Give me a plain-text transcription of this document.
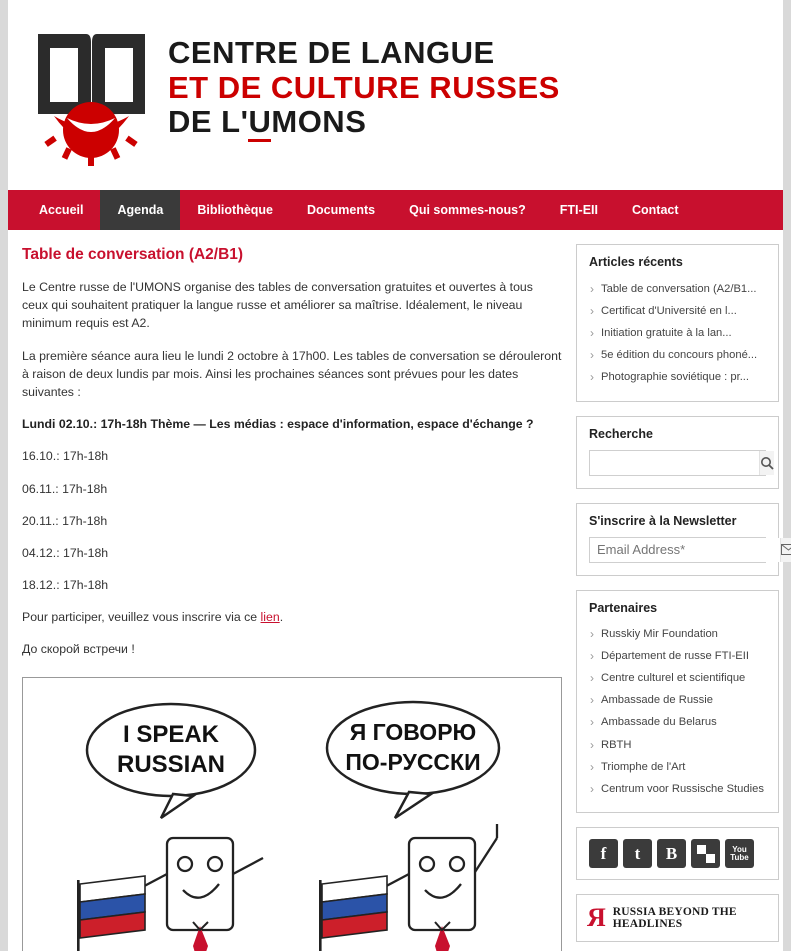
CENTRE DE LANGUE
ET DE CULTURE RUSSES
DE L'UMONS
Accueil	Agenda	Bibliothèque	Documents	Qui sommes-nous?	FTI-EII	Contact
Table de conversation (A2/B1)

Le Centre russe de l'UMONS organise des tables de conversation gratuites et ouvertes à tous ceux qui souhaitent pratiquer la langue russe et améliorer sa maîtrise. Idéalement, le niveau minimum requis est A2.

La première séance aura lieu le lundi 2 octobre à 17h00. Les tables de conversation se dérouleront à raison de deux lundis par mois. Ainsi les prochaines séances sont prévues pour les dates suivantes :

Lundi 02.10.: 17h-18h Thème — Les médias : espace d'information, espace d'échange ?

16.10.: 17h-18h

06.11.: 17h-18h

20.11.: 17h-18h

04.12.: 17h-18h

18.12.: 17h-18h

Pour participer, veuillez vous inscrire via ce lien.

До скорой встречи !

I SPEAK
RUSSIAN
Я ГОВОРЮ
ПО-РУССКИ
Articles récents
› Table de conversation (A2/B1...
› Certificat d'Université en l...
› Initiation gratuite à la lan...
› 5e édition du concours phoné...
› Photographie soviétique : pr...
Recherche
S'inscrire à la Newsletter
Email Address*
Partenaires
› Russkiy Mir Foundation
› Département de russe FTI-EII
› Centre culturel et scientifique
› Ambassade de Russie
› Ambassade du Belarus
› RBTH
› Triomphe de l'Art
› Centrum voor Russische Studies
f	t	B	You
Tube
Я RUSSIA BEYOND THE HEADLINES
